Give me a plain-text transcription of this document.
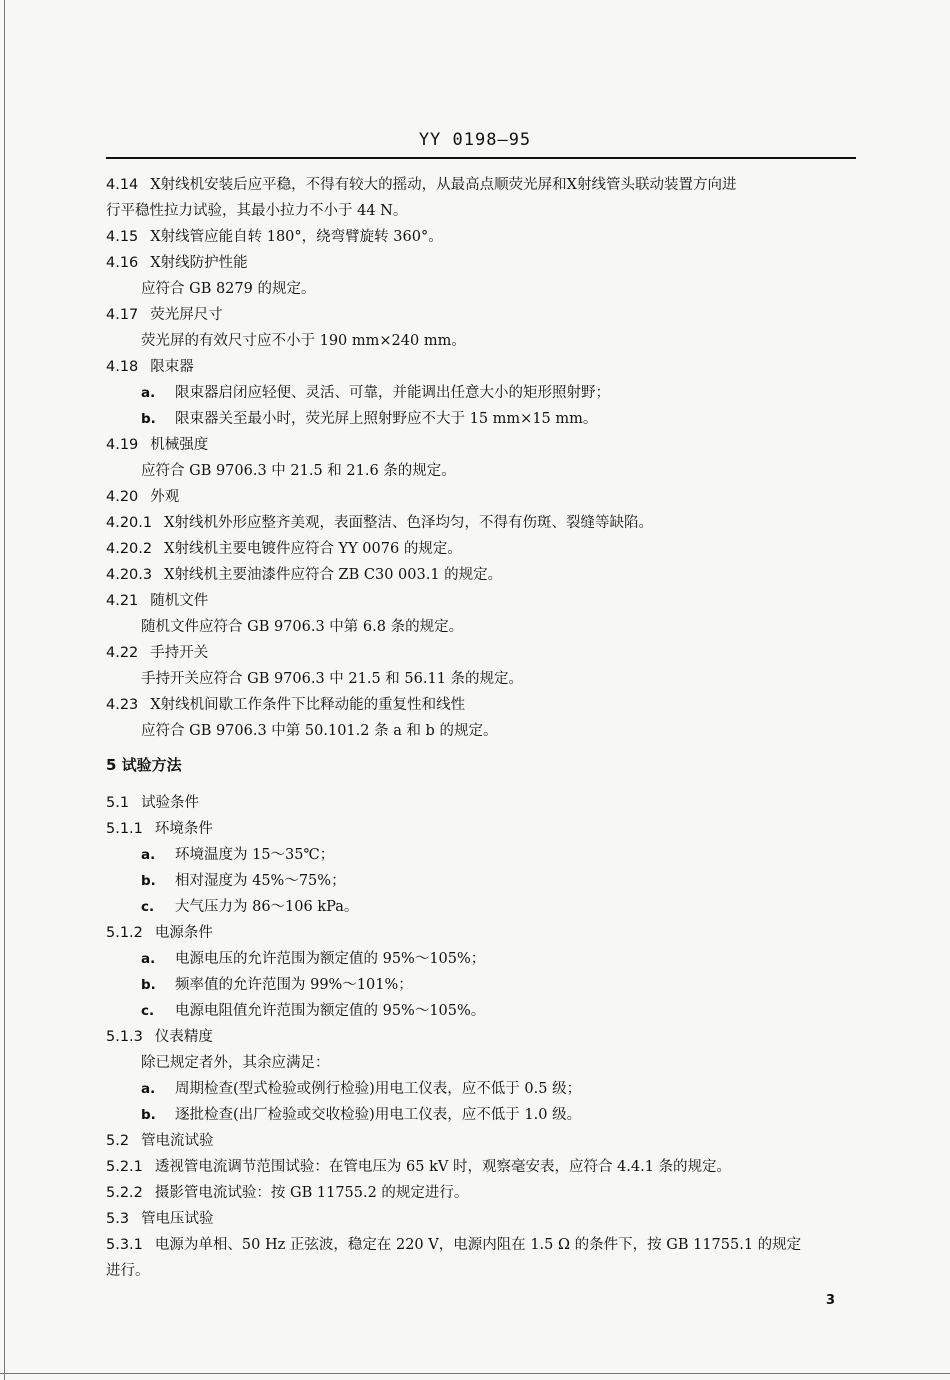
YY 0198—95
4.14 X射线机安装后应平稳，不得有较大的摇动，从最高点顺荧光屏和X射线管头联动装置方向进
行平稳性拉力试验，其最小拉力不小于 44 N。
4.15 X射线管应能自转 180°，绕弯臂旋转 360°。
4.16 X射线防护性能
应符合 GB 8279 的规定。
4.17 荧光屏尺寸
荧光屏的有效尺寸应不小于 190 mm×240 mm。
4.18 限束器
a. 限束器启闭应轻便、灵活、可靠，并能调出任意大小的矩形照射野；
b. 限束器关至最小时，荧光屏上照射野应不大于 15 mm×15 mm。
4.19 机械强度
应符合 GB 9706.3 中 21.5 和 21.6 条的规定。
4.20 外观
4.20.1 X射线机外形应整齐美观，表面整洁、色泽均匀，不得有伤斑、裂缝等缺陷。
4.20.2 X射线机主要电镀件应符合 YY 0076 的规定。
4.20.3 X射线机主要油漆件应符合 ZB C30 003.1 的规定。
4.21 随机文件
随机文件应符合 GB 9706.3 中第 6.8 条的规定。
4.22 手持开关
手持开关应符合 GB 9706.3 中 21.5 和 56.11 条的规定。
4.23 X射线机间歇工作条件下比释动能的重复性和线性
应符合 GB 9706.3 中第 50.101.2 条 a 和 b 的规定。
5 试验方法
5.1 试验条件
5.1.1 环境条件
a. 环境温度为 15～35℃；
b. 相对湿度为 45%～75%；
c. 大气压力为 86～106 kPa。
5.1.2 电源条件
a. 电源电压的允许范围为额定值的 95%～105%；
b. 频率值的允许范围为 99%～101%；
c. 电源电阻值允许范围为额定值的 95%～105%。
5.1.3 仪表精度
除已规定者外，其余应满足：
a. 周期检查(型式检验或例行检验)用电工仪表，应不低于 0.5 级；
b. 逐批检查(出厂检验或交收检验)用电工仪表，应不低于 1.0 级。
5.2 管电流试验
5.2.1 透视管电流调节范围试验：在管电压为 65 kV 时，观察毫安表，应符合 4.4.1 条的规定。
5.2.2 摄影管电流试验：按 GB 11755.2 的规定进行。
5.3 管电压试验
5.3.1 电源为单相、50 Hz 正弦波，稳定在 220 V，电源内阻在 1.5 Ω 的条件下，按 GB 11755.1 的规定
进行。
3
